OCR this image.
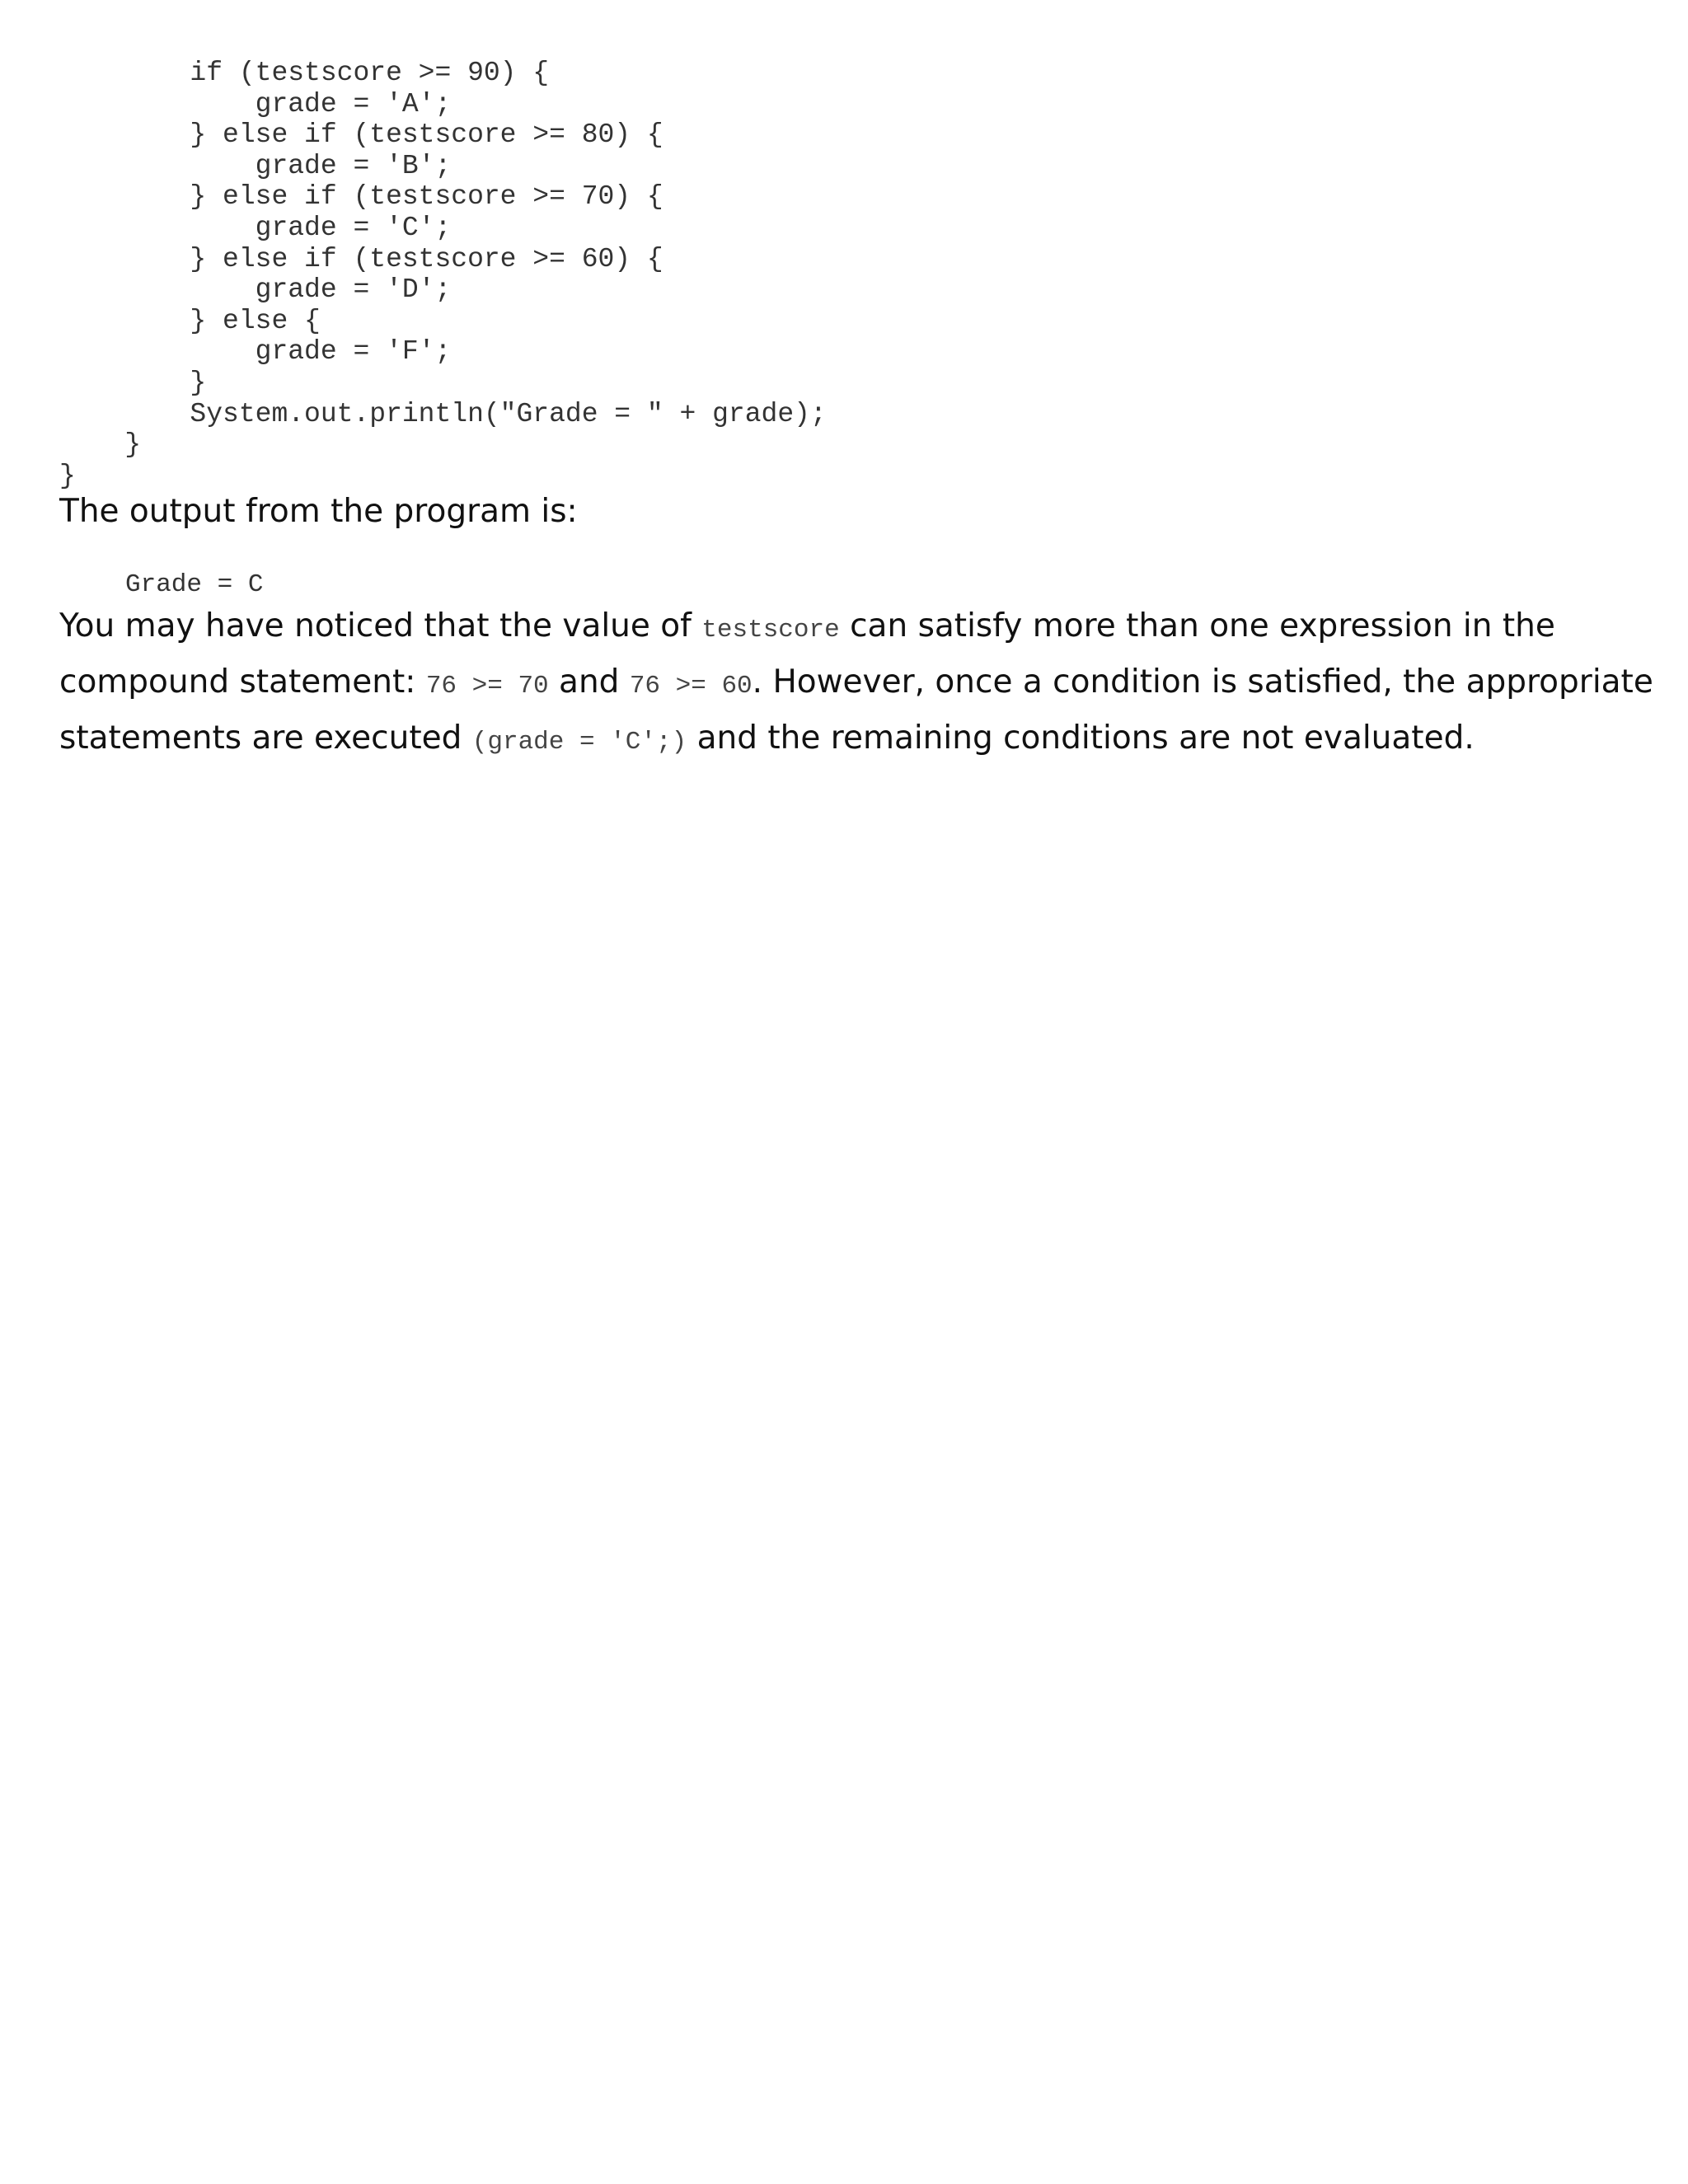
if (testscore >= 90) {
grade = 'A';
} else if (testscore >= 80) {
grade = 'B';
} else if (testscore >= 70) {
grade = 'C';
} else if (testscore >= 60) {
grade = 'D';
} else {
grade = 'F';
}
System.out.println("Grade = " + grade);
}
}

The output from the program is:

Grade = C

You may have noticed that the value of testscore can satisfy more than one expression in the
compound statement: 76 >= 70 and 76 >= 60. However, once a condition is satisfied, the appropriate
statements are executed (grade = 'C';) and the remaining conditions are not evaluated.
